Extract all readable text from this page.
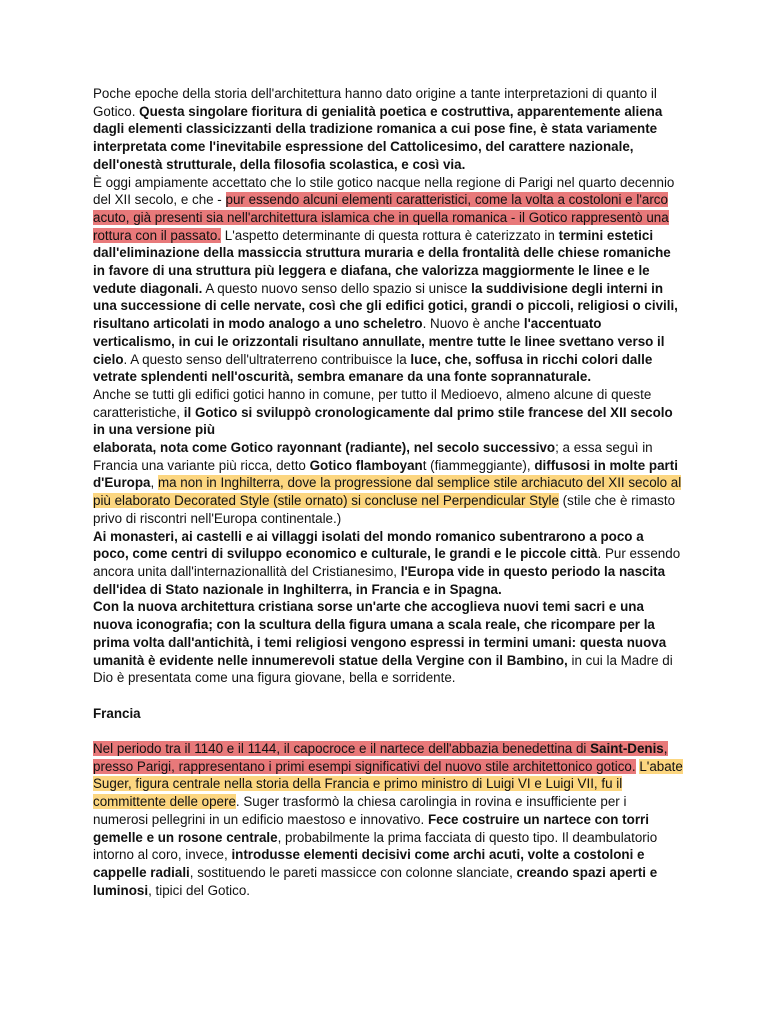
Poche epoche della storia dell'architettura hanno dato origine a tante interpretazioni di quanto il Gotico. Questa singolare fioritura di genialità poetica e costruttiva, apparentemente aliena dagli elementi classicizzanti della tradizione romanica a cui pose fine, è stata variamente interpretata come l'inevitabile espressione del Cattolicesimo, del carattere nazionale, dell'onestà strutturale, della filosofia scolastica, e così via.

È oggi ampiamente accettato che lo stile gotico nacque nella regione di Parigi nel quarto decennio del XII secolo, e che - pur essendo alcuni elementi caratteristici, come la volta a costoloni e l'arco acuto, già presenti sia nell'architettura islamica che in quella romanica - il Gotico rappresentò una rottura con il passato. L'aspetto determinante di questa rottura è caterizzato in termini estetici dall'eliminazione della massiccia struttura muraria e della frontalità delle chiese romaniche in favore di una struttura più leggera e diafana, che valorizza maggiormente le linee e le vedute diagonali. A questo nuovo senso dello spazio si unisce la suddivisione degli interni in una successione di celle nervate, così che gli edifici gotici, grandi o piccoli, religiosi o civili, risultano articolati in modo analogo a uno scheletro. Nuovo è anche l'accentuato verticalismo, in cui le orizzontali risultano annullate, mentre tutte le linee svettano verso il cielo. A questo senso dell'ultraterreno contribuisce la luce, che, soffusa in ricchi colori dalle vetrate splendenti nell'oscurità, sembra emanare da una fonte soprannaturale.

Anche se tutti gli edifici gotici hanno in comune, per tutto il Medioevo, almeno alcune di queste caratteristiche, il Gotico si sviluppò cronologicamente dal primo stile francese del XII secolo in una versione più

elaborata, nota come Gotico rayonnant (radiante), nel secolo successivo; a essa seguì in Francia una variante più ricca, detto Gotico flamboyant (fiammeggiante), diffusosi in molte parti d'Europa, ma non in Inghilterra, dove la progressione dal semplice stile archiacuto del XII secolo al più elaborato Decorated Style (stile ornato) si concluse nel Perpendicular Style (stile che è rimasto privo di riscontri nell'Europa continentale.)

Ai monasteri, ai castelli e ai villaggi isolati del mondo romanico subentrarono a poco a poco, come centri di sviluppo economico e culturale, le grandi e le piccole città. Pur essendo ancora unita dall'internazionallità del Cristianesimo, l'Europa vide in questo periodo la nascita dell'idea di Stato nazionale in Inghilterra, in Francia e in Spagna.

Con la nuova architettura cristiana sorse un'arte che accoglieva nuovi temi sacri e una nuova iconografia; con la scultura della figura umana a scala reale, che ricompare per la prima volta dall'antichità, i temi religiosi vengono espressi in termini umani: questa nuova umanità è evidente nelle innumerevoli statue della Vergine con il Bambino, in cui la Madre di Dio è presentata come una figura giovane, bella e sorridente.

Francia

Nel periodo tra il 1140 e il 1144, il capocroce e il nartece dell'abbazia benedettina di Saint-Denis, presso Parigi, rappresentano i primi esempi significativi del nuovo stile architettonico gotico. L'abate Suger, figura centrale nella storia della Francia e primo ministro di Luigi VI e Luigi VII, fu il committente delle opere. Suger trasformò la chiesa carolingia in rovina e insufficiente per i numerosi pellegrini in un edificio maestoso e innovativo. Fece costruire un nartece con torri gemelle e un rosone centrale, probabilmente la prima facciata di questo tipo. Il deambulatorio intorno al coro, invece, introdusse elementi decisivi come archi acuti, volte a costoloni e cappelle radiali, sostituendo le pareti massicce con colonne slanciate, creando spazi aperti e luminosi, tipici del Gotico.
